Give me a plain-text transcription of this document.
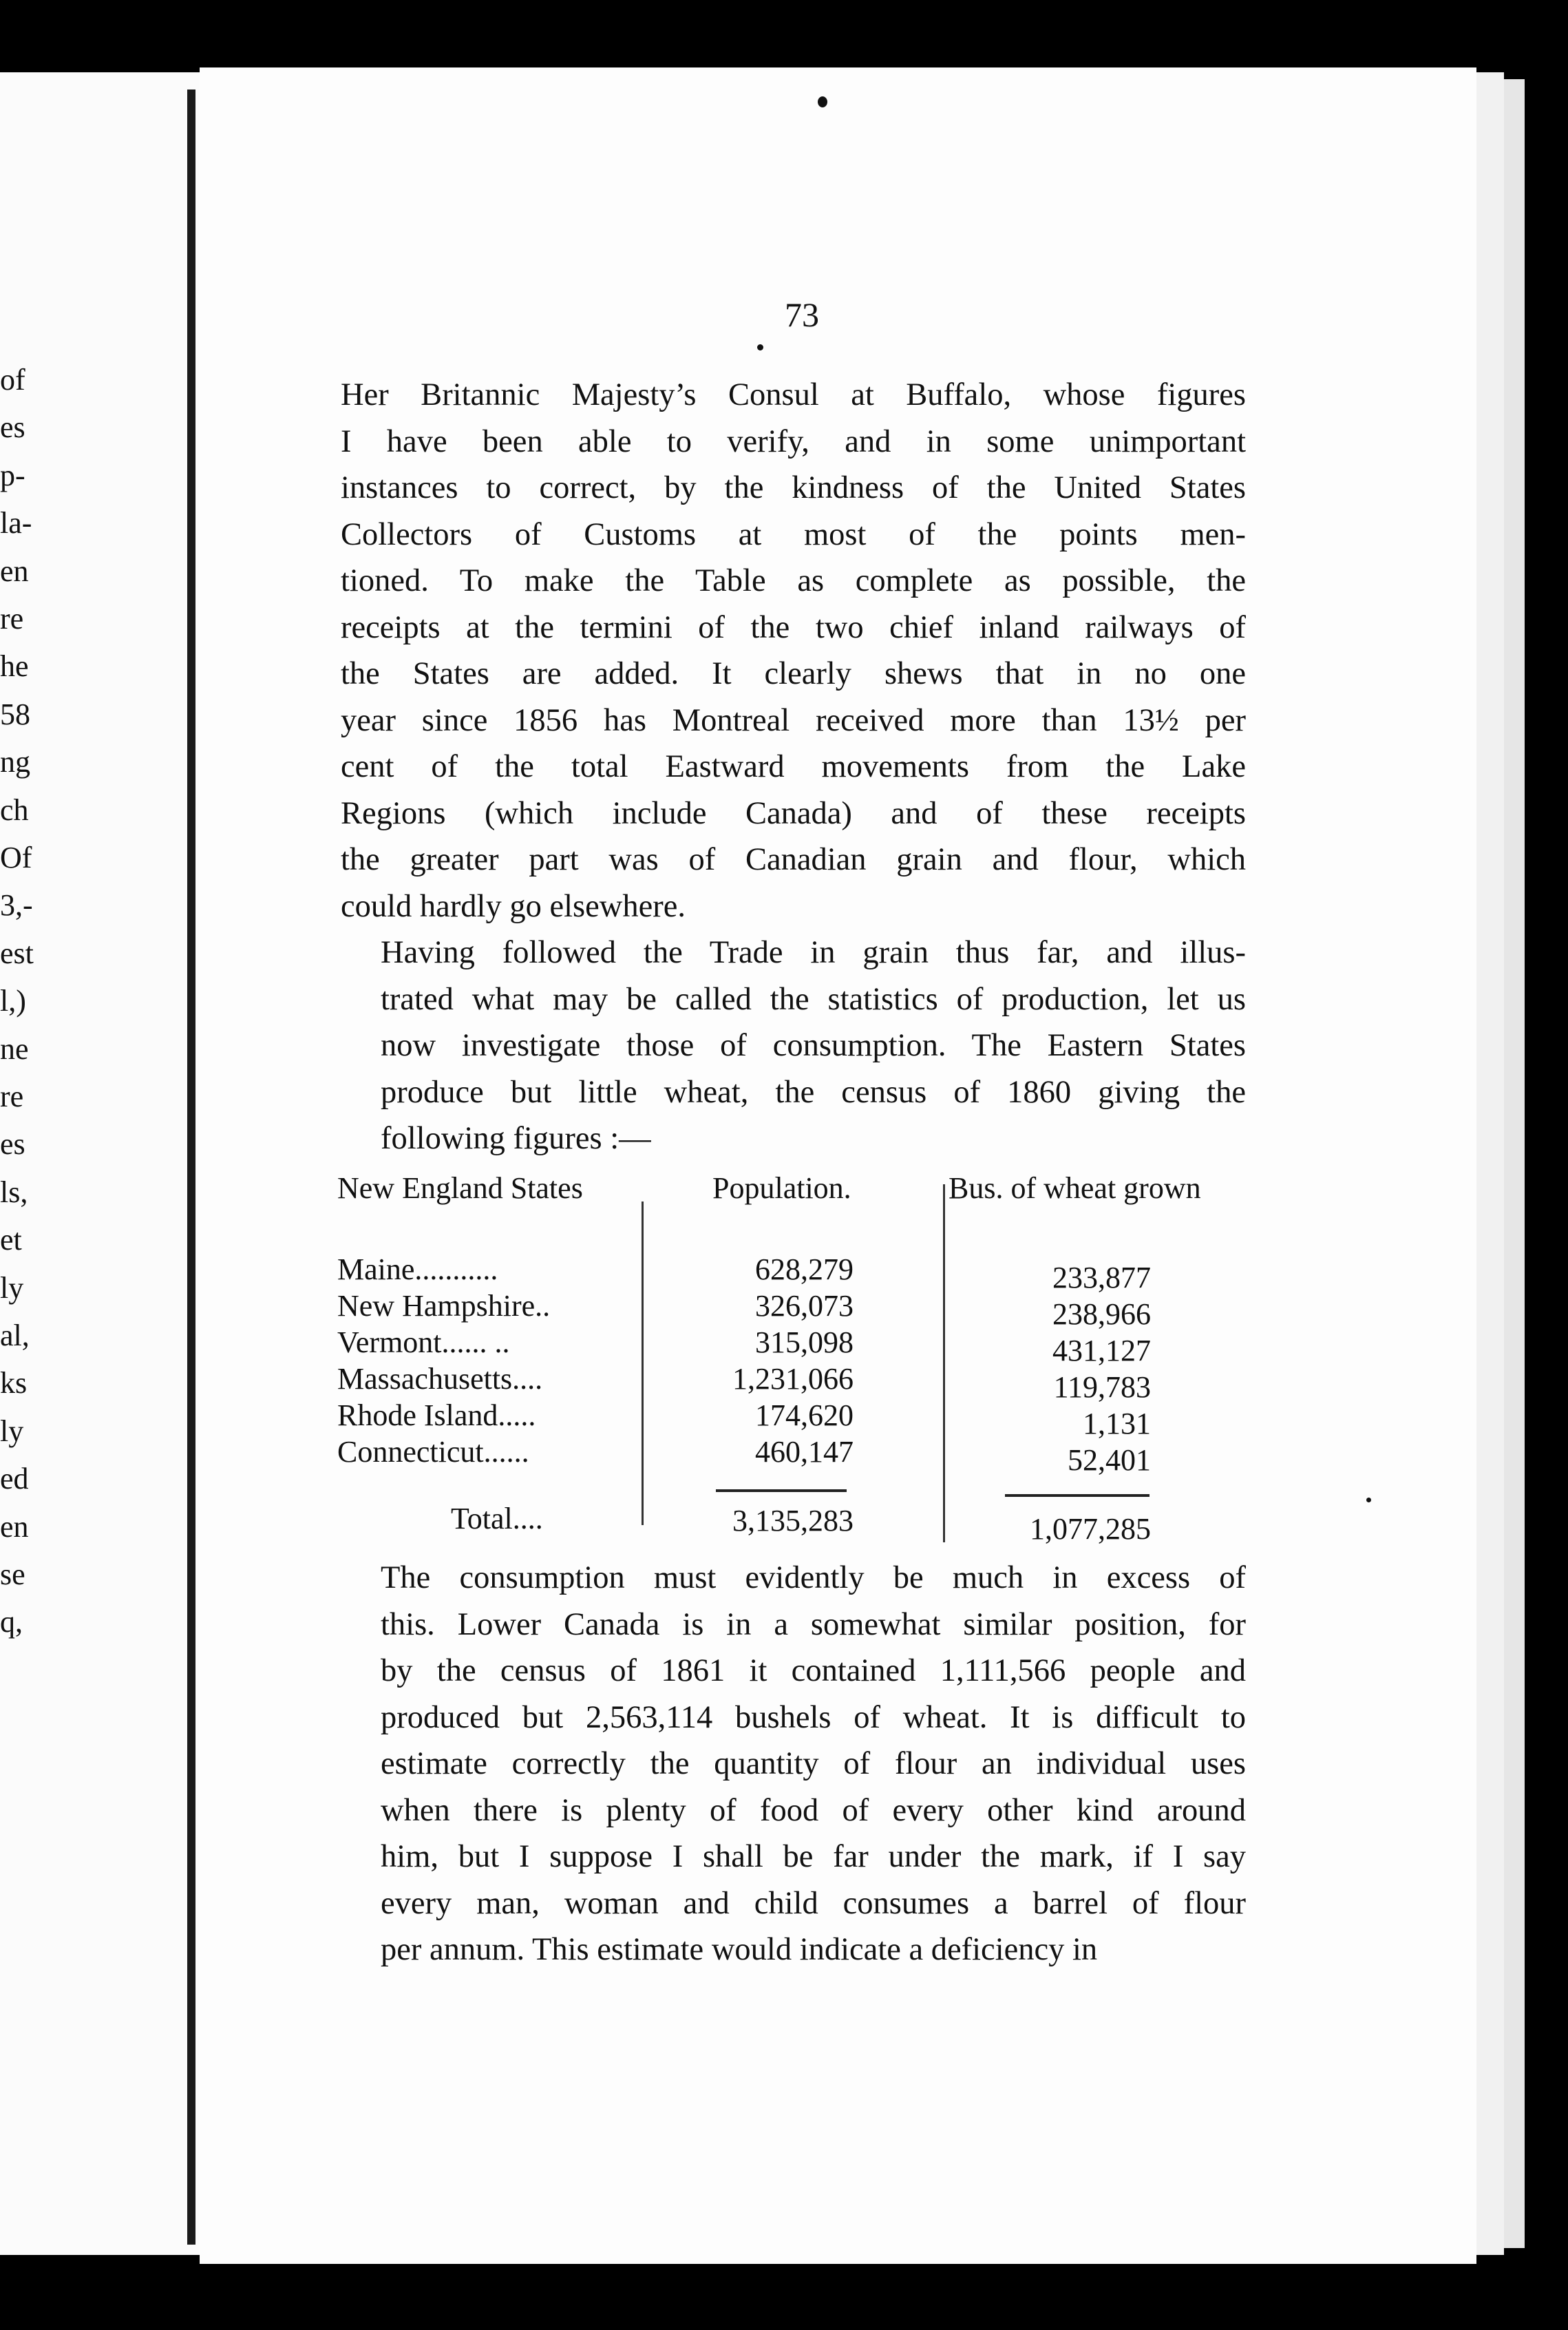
of
es
p-
la-
en
re
he
58
ng
ch
Of
3,-
est
l,)
ne
re
es
ls,
et
ly
al,
ks
ly
ed
en
se
q,
73

Her Britannic Majesty’s Consul at Buffalo, whose figures
I have been able to verify, and in some unimportant
instances to correct, by the kindness of the United States
Collectors of Customs at most of the points men-
tioned. To make the Table as complete as possible, the
receipts at the termini of the two chief inland railways of
the States are added. It clearly shews that in no one
year since 1856 has Montreal received more than 13½ per
cent of the total Eastward movements from the Lake
Regions (which include Canada) and of these receipts
the greater part was of Canadian grain and flour, which
could hardly go elsewhere.

Having followed the Trade in grain thus far, and illus-
trated what may be called the statistics of production, let us
now investigate those of consumption. The Eastern States
produce but little wheat, the census of 1860 giving the
following figures :—

New England States	Population.	Bus. of wheat grown
Maine...........	628,279	233,877
New Hampshire..	326,073	238,966
Vermont...... ..	315,098	431,127
Massachusetts....	1,231,066	119,783
Rhode Island.....	174,620	1,131
Connecticut......	460,147	52,401
Total....	3,135,283	1,077,285

The consumption must evidently be much in excess of
this. Lower Canada is in a somewhat similar position, for
by the census of 1861 it contained 1,111,566 people and
produced but 2,563,114 bushels of wheat. It is difficult to
estimate correctly the quantity of flour an individual uses
when there is plenty of food of every other kind around
him, but I suppose I shall be far under the mark, if I say
every man, woman and child consumes a barrel of flour
per annum. This estimate would indicate a deficiency in
